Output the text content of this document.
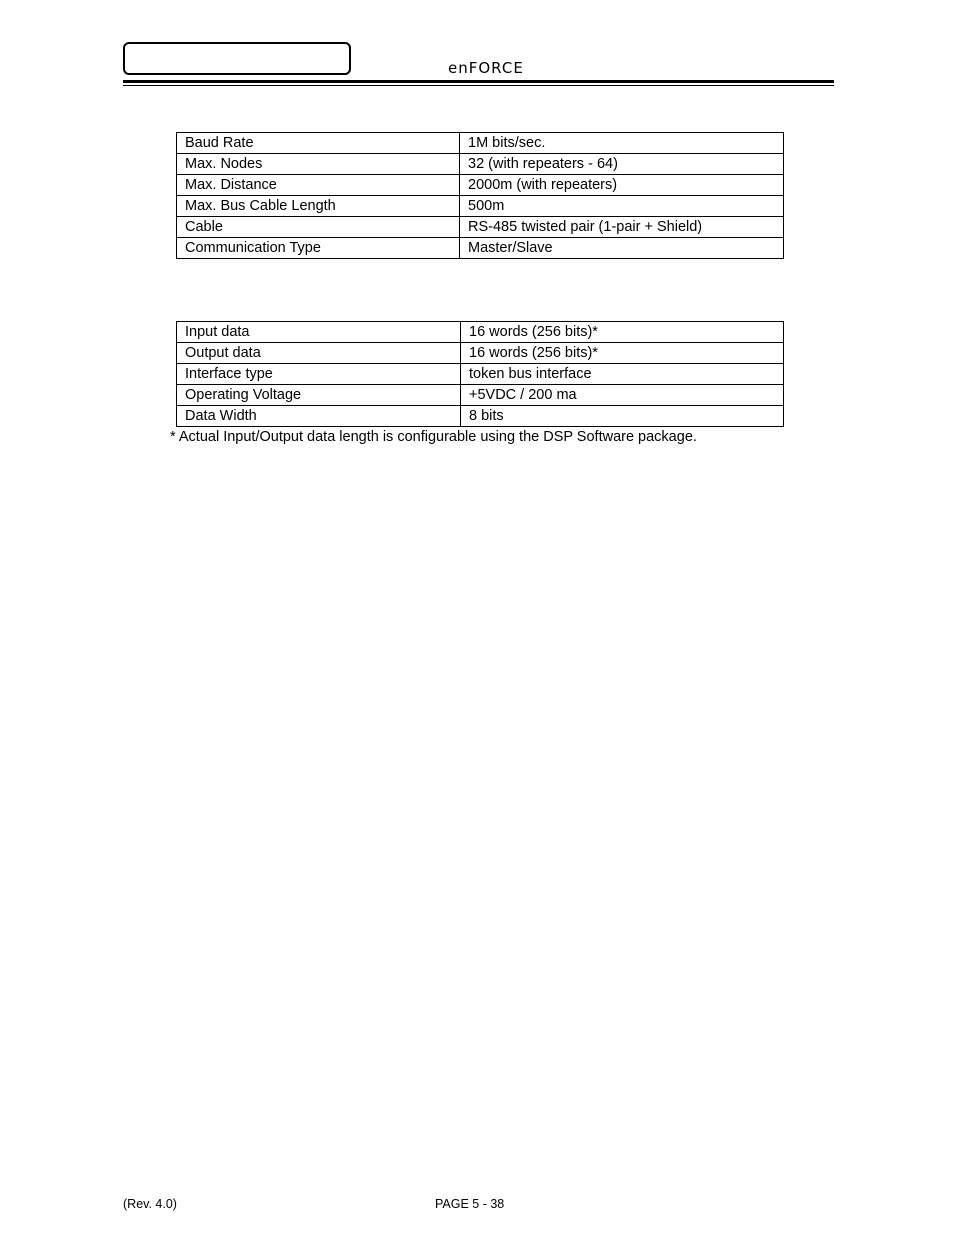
enFORCE
Baud Rate	1M bits/sec.
Max. Nodes	32 (with repeaters - 64)
Max. Distance	2000m (with repeaters)
Max. Bus Cable Length	500m
Cable	RS-485 twisted pair (1-pair + Shield)
Communication Type	Master/Slave
Input data	16 words (256 bits)*
Output data	16 words (256 bits)*
Interface type	token bus interface
Operating Voltage	+5VDC / 200 ma
Data Width	8 bits
* Actual Input/Output data length is configurable using the DSP Software package.
(Rev. 4.0)	PAGE 5 - 38
